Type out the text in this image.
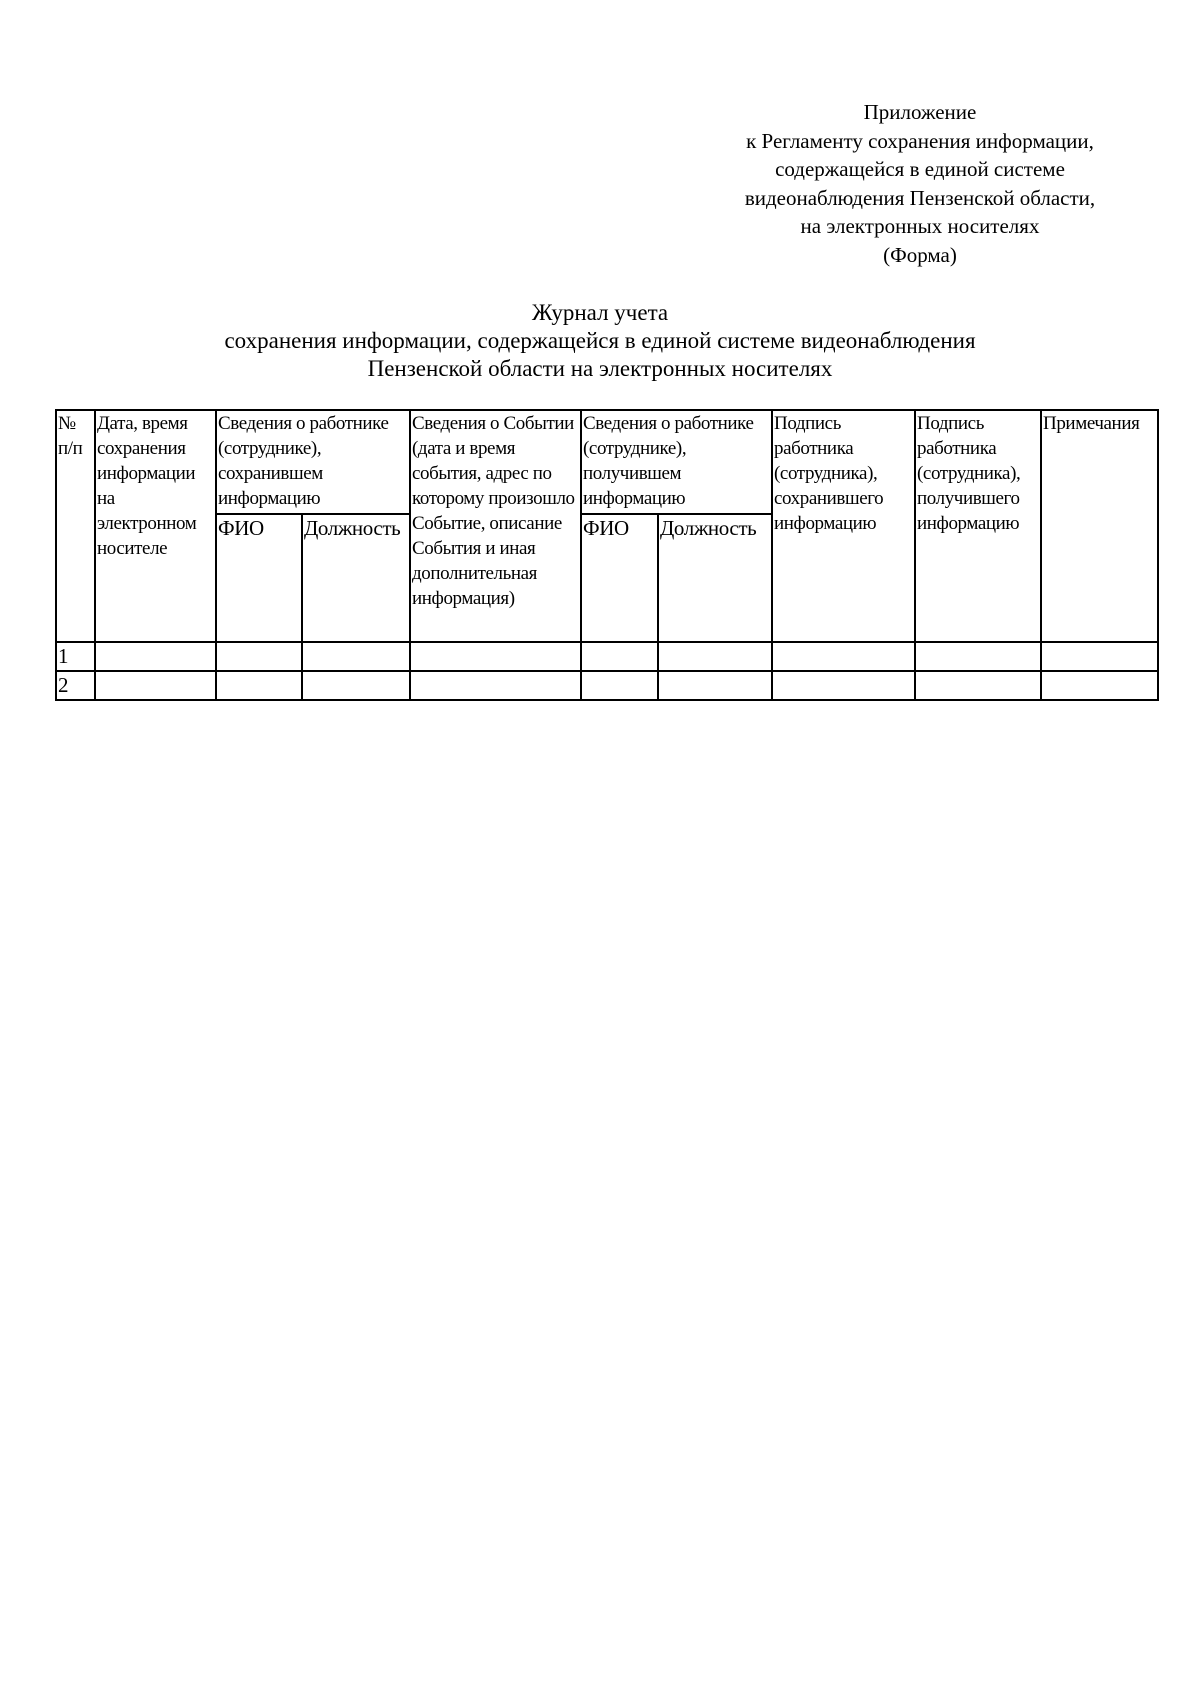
Приложение
к Регламенту сохранения информации,
содержащейся в единой системе
видеонаблюдения Пензенской области,
на электронных носителях
(Форма)
Журнал учета
сохранения информации, содержащейся в единой системе видеонаблюдения
Пензенской области на электронных носителях
№ п/п	Дата, время сохранения информации на электронном носителе	Сведения о работнике (сотруднике), сохранившем информацию		Сведения о Событии (дата и время события, адрес по которому произошло Событие, описание События и иная дополнительная информация)	Сведения о работнике (сотруднике), получившем информацию		Подпись работника (сотрудника), сохранившего информацию	Подпись работника (сотрудника), получившего информацию	Примечания
		ФИО	Должность		ФИО	Должность			
1									
2									
